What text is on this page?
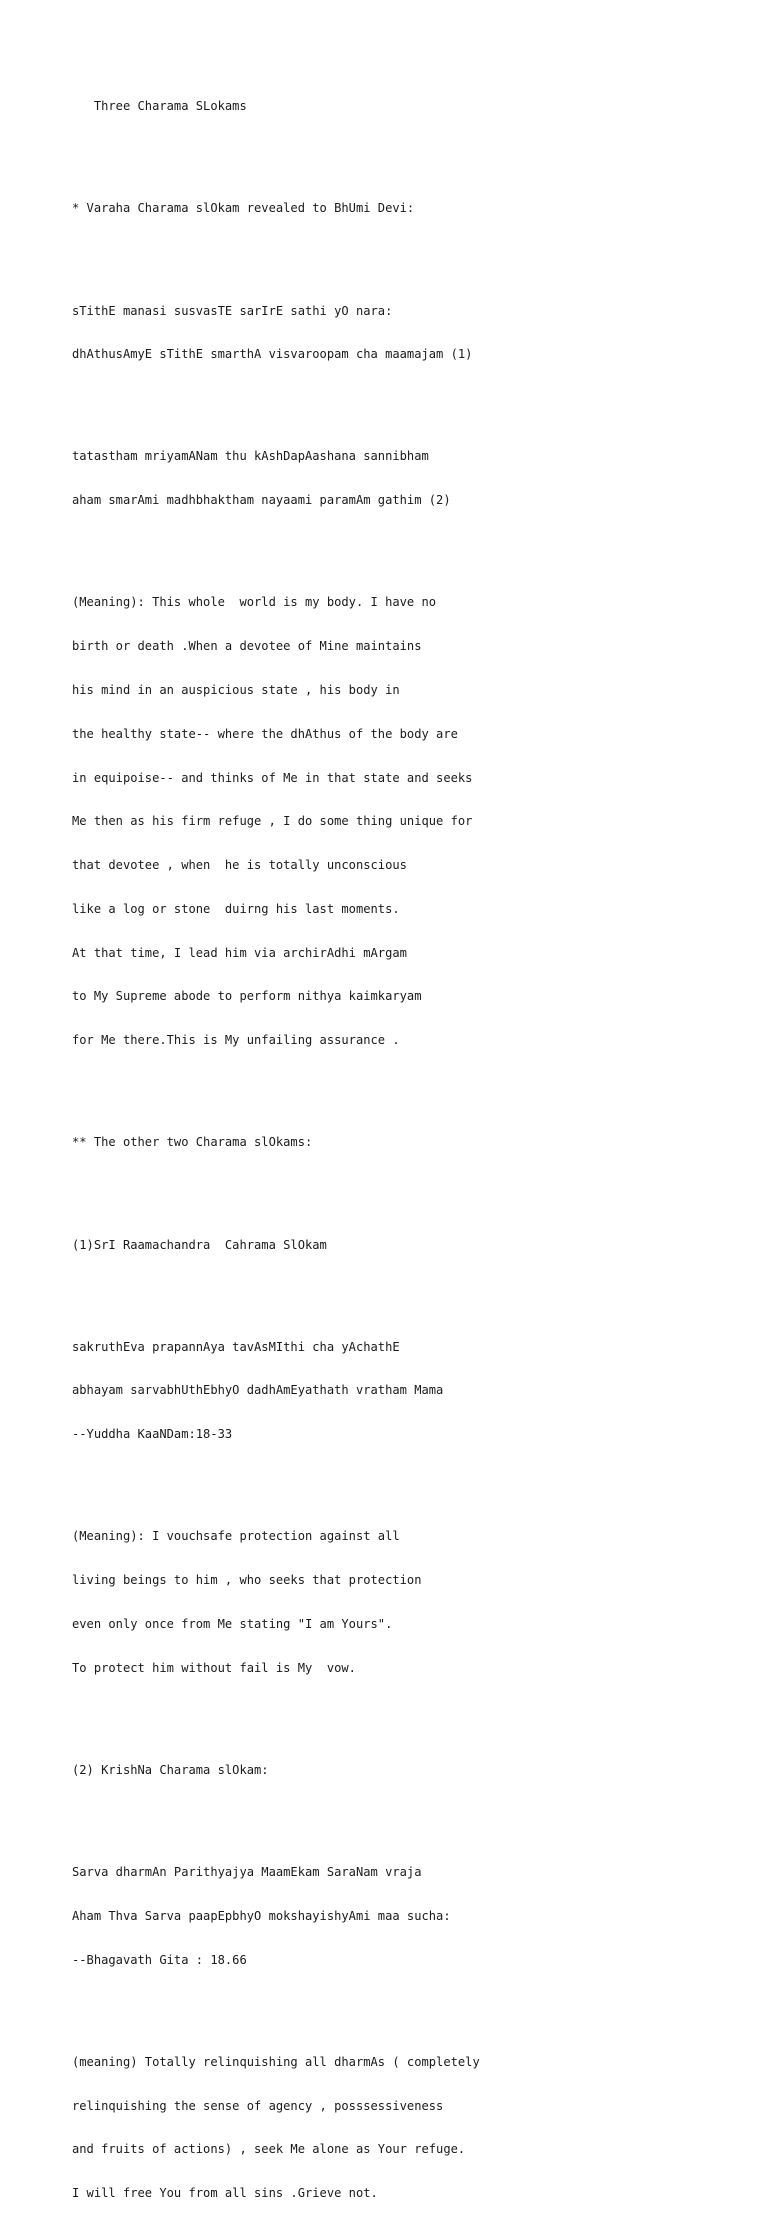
Three Charama SLokams

* Varaha Charama slOkam revealed to BhUmi Devi:

sTithE manasi susvasTE sarIrE sathi yO nara:

dhAthusAmyE sTithE smarthA visvaroopam cha maamajam (1)

tatastham mriyamANam thu kAshDapAashana sannibham

aham smarAmi madhbhaktham nayaami paramAm gathim (2)

(Meaning): This whole  world is my body. I have no

birth or death .When a devotee of Mine maintains

his mind in an auspicious state , his body in

the healthy state-- where the dhAthus of the body are

in equipoise-- and thinks of Me in that state and seeks

Me then as his firm refuge , I do some thing unique for

that devotee , when  he is totally unconscious

like a log or stone  duirng his last moments.

At that time, I lead him via archirAdhi mArgam

to My Supreme abode to perform nithya kaimkaryam

for Me there.This is My unfailing assurance .

** The other two Charama slOkams:

(1)SrI Raamachandra  Cahrama SlOkam

sakruthEva prapannAya tavAsMIthi cha yAchathE

abhayam sarvabhUthEbhyO dadhAmEyathath vratham Mama

--Yuddha KaaNDam:18-33

(Meaning): I vouchsafe protection against all

living beings to him , who seeks that protection

even only once from Me stating "I am Yours".

To protect him without fail is My  vow.

(2) KrishNa Charama slOkam:

Sarva dharmAn Parithyajya MaamEkam SaraNam vraja

Aham Thva Sarva paapEpbhyO mokshayishyAmi maa sucha:

--Bhagavath Gita : 18.66

(meaning) Totally relinquishing all dharmAs ( completely

relinquishing the sense of agency , posssessiveness

and fruits of actions) , seek Me alone as Your refuge.

I will free You from all sins .Grieve not.
